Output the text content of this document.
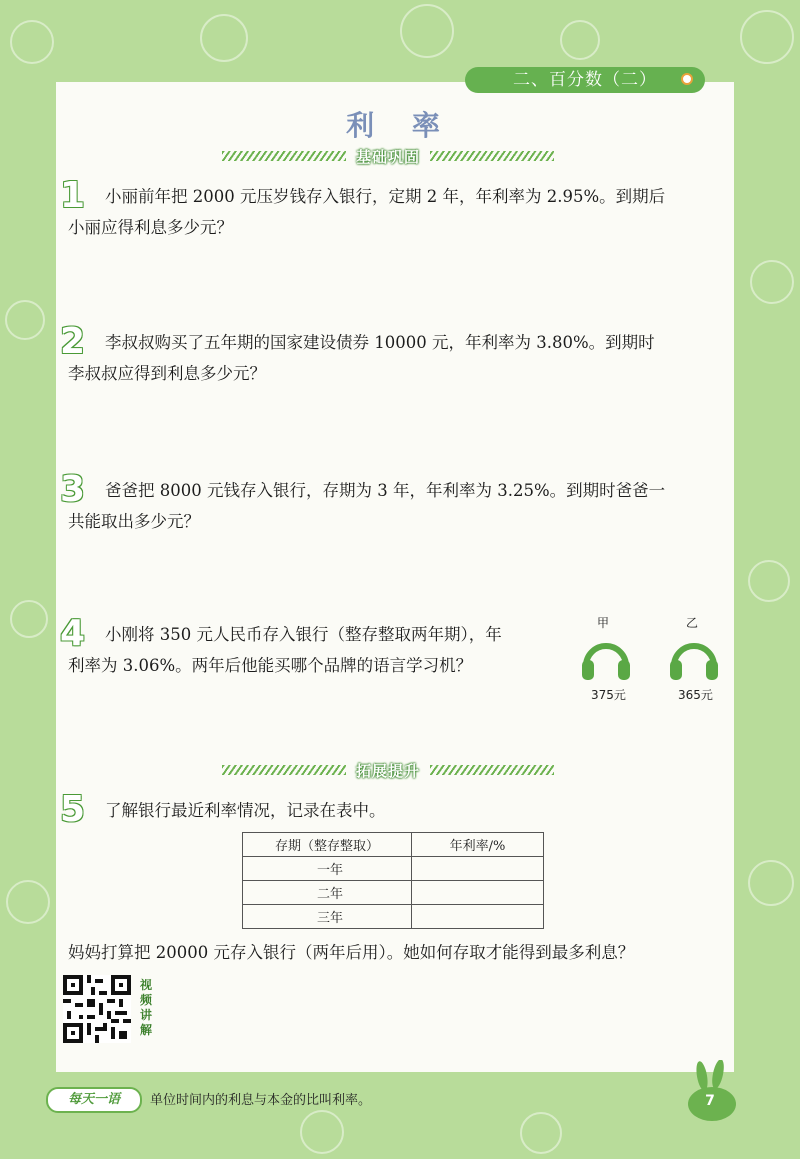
二、百分数（二）
利 率
基础巩固
1 小丽前年把 2000 元压岁钱存入银行，定期 2 年，年利率为 2.95%。到期后
小丽应得利息多少元？
2 李叔叔购买了五年期的国家建设债券 10000 元，年利率为 3.80%。到期时
李叔叔应得到利息多少元？
3 爸爸把 8000 元钱存入银行，存期为 3 年，年利率为 3.25%。到期时爸爸一
共能取出多少元？
4 小刚将 350 元人民币存入银行（整存整取两年期），年
利率为 3.06%。两年后他能买哪个品牌的语言学习机？
甲
375元
乙
365元
拓展提升
5 了解银行最近利率情况，记录在表中。
存期（整存整取）	年利率/%
一年	
二年	
三年	
妈妈打算把 20000 元存入银行（两年后用）。她如何存取才能得到最多利息？
视频讲解
每天一语	单位时间内的利息与本金的比叫利率。	7
